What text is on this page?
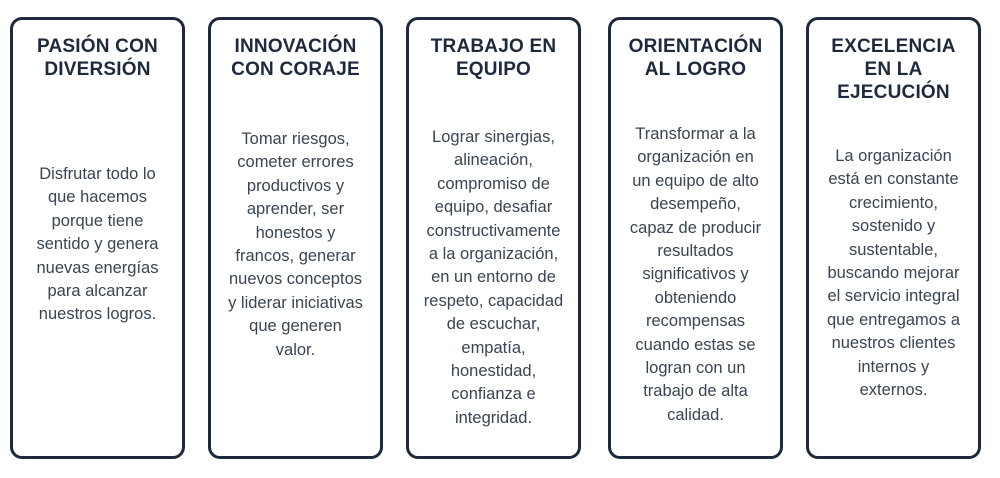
PASIÓN CON
DIVERSIÓN
Disfrutar todo lo
que hacemos
porque tiene
sentido y genera
nuevas energías
para alcanzar
nuestros logros.
INNOVACIÓN
CON CORAJE
Tomar riesgos,
cometer errores
productivos y
aprender, ser
honestos y
francos, generar
nuevos conceptos
y liderar iniciativas
que generen
valor.
TRABAJO EN
EQUIPO
Lograr sinergias,
alineación,
compromiso de
equipo, desafiar
constructivamente
a la organización,
en un entorno de
respeto, capacidad
de escuchar,
empatía,
honestidad,
confianza e
integridad.
ORIENTACIÓN
AL LOGRO
Transformar a la
organización en
un equipo de alto
desempeño,
capaz de producir
resultados
significativos y
obteniendo
recompensas
cuando estas se
logran con un
trabajo de alta
calidad.
EXCELENCIA
EN LA
EJECUCIÓN
La organización
está en constante
crecimiento,
sostenido y
sustentable,
buscando mejorar
el servicio integral
que entregamos a
nuestros clientes
internos y
externos.
